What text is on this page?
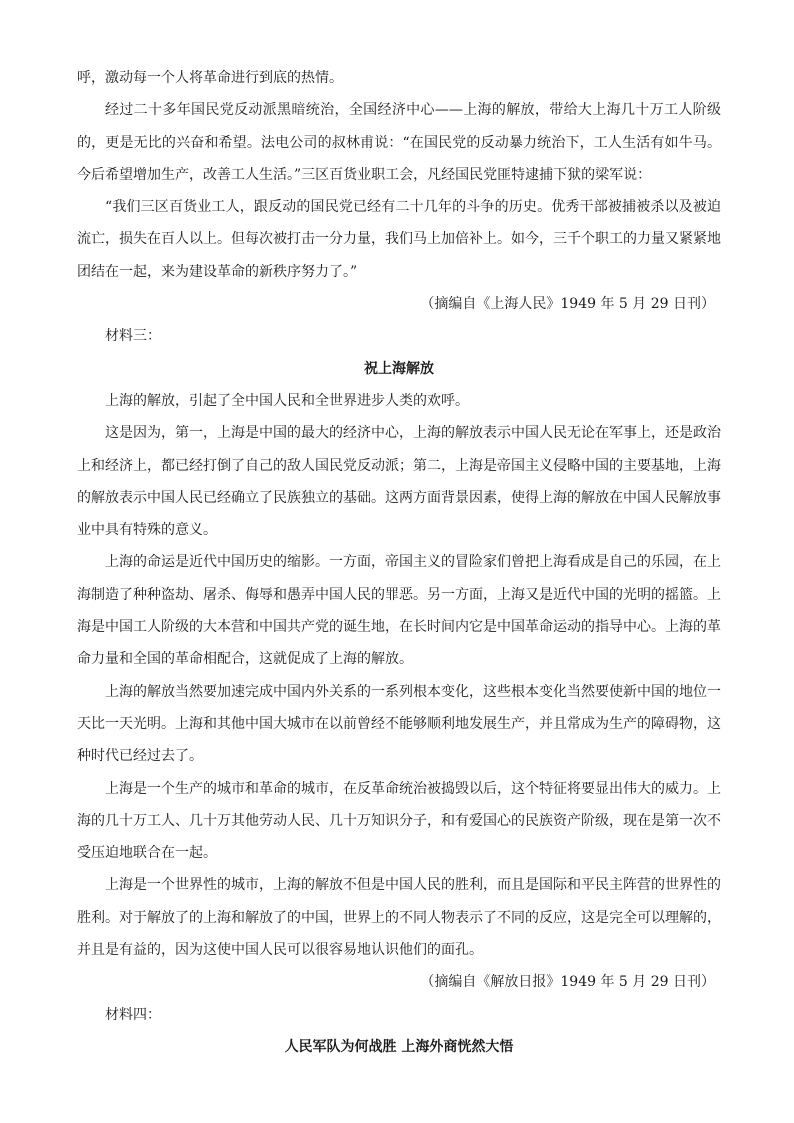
呼，激动每一个人将革命进行到底的热情。

经过二十多年国民党反动派黑暗统治，全国经济中心——上海的解放，带给大上海几十万工人阶级的，更是无比的兴奋和希望。法电公司的叔林甫说：“在国民党的反动暴力统治下，工人生活有如牛马。今后希望增加生产，改善工人生活。”三区百货业职工会，凡经国民党匪特逮捕下狱的梁军说：

“我们三区百货业工人，跟反动的国民党已经有二十几年的斗争的历史。优秀干部被捕被杀以及被迫流亡，损失在百人以上。但每次被打击一分力量，我们马上加倍补上。如今，三千个职工的力量又紧紧地团结在一起，来为建设革命的新秩序努力了。”

（摘编自《上海人民》1949 年 5 月 29 日刊）

材料三：

祝上海解放

上海的解放，引起了全中国人民和全世界进步人类的欢呼。

这是因为，第一，上海是中国的最大的经济中心，上海的解放表示中国人民无论在军事上，还是政治上和经济上，都已经打倒了自己的敌人国民党反动派；第二，上海是帝国主义侵略中国的主要基地，上海的解放表示中国人民已经确立了民族独立的基础。这两方面背景因素，使得上海的解放在中国人民解放事业中具有特殊的意义。

上海的命运是近代中国历史的缩影。一方面，帝国主义的冒险家们曾把上海看成是自己的乐园，在上海制造了种种盗劫、屠杀、侮辱和愚弄中国人民的罪恶。另一方面，上海又是近代中国的光明的摇篮。上海是中国工人阶级的大本营和中国共产党的诞生地，在长时间内它是中国革命运动的指导中心。上海的革命力量和全国的革命相配合，这就促成了上海的解放。

上海的解放当然要加速完成中国内外关系的一系列根本变化，这些根本变化当然要使新中国的地位一天比一天光明。上海和其他中国大城市在以前曾经不能够顺利地发展生产，并且常成为生产的障碍物，这种时代已经过去了。

上海是一个生产的城市和革命的城市，在反革命统治被捣毁以后，这个特征将要显出伟大的威力。上海的几十万工人、几十万其他劳动人民、几十万知识分子，和有爱国心的民族资产阶级，现在是第一次不受压迫地联合在一起。

上海是一个世界性的城市，上海的解放不但是中国人民的胜利，而且是国际和平民主阵营的世界性的胜利。对于解放了的上海和解放了的中国，世界上的不同人物表示了不同的反应，这是完全可以理解的，并且是有益的，因为这使中国人民可以很容易地认识他们的面孔。

（摘编自《解放日报》1949 年 5 月 29 日刊）

材料四：

人民军队为何战胜 上海外商恍然大悟
